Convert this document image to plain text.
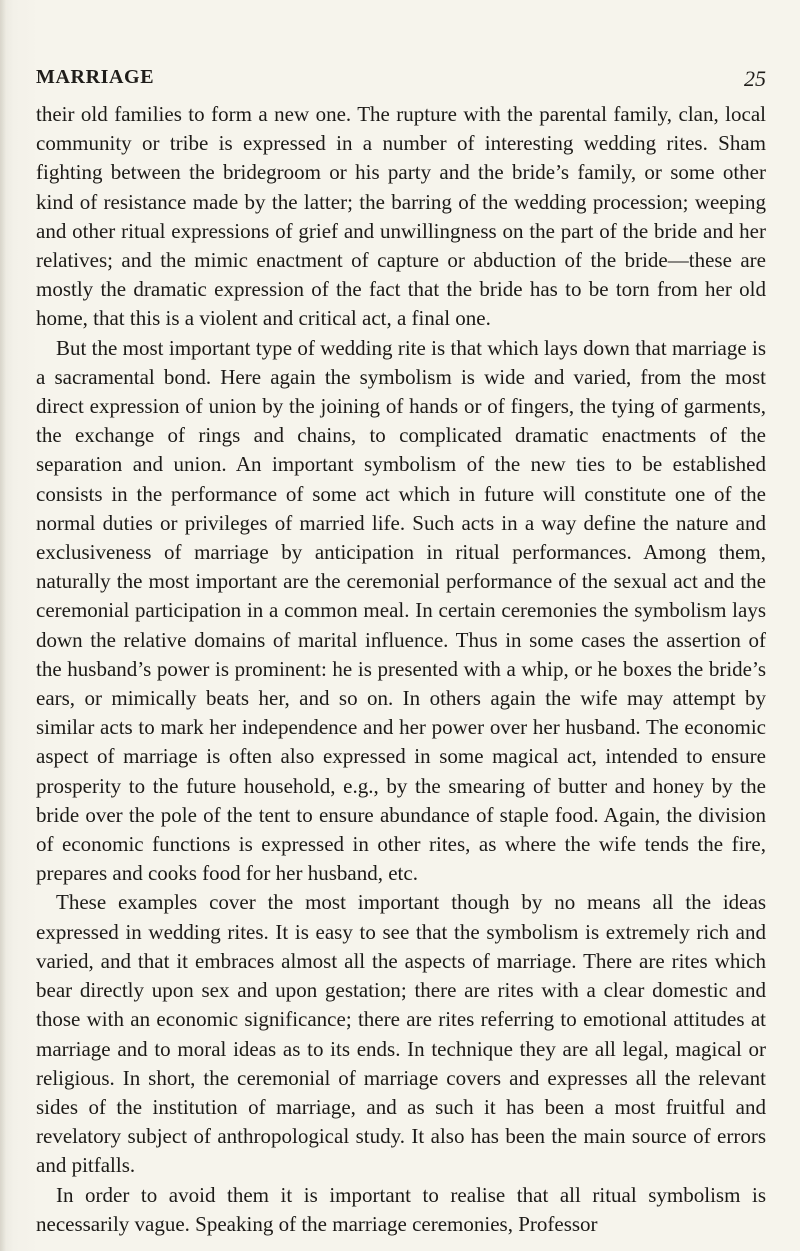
MARRIAGE	25

their old families to form a new one. The rupture with the parental family, clan, local community or tribe is expressed in a number of interesting wedding rites. Sham fighting between the bridegroom or his party and the bride’s family, or some other kind of resistance made by the latter; the barring of the wedding procession; weeping and other ritual expressions of grief and unwillingness on the part of the bride and her relatives; and the mimic enactment of capture or abduction of the bride—these are mostly the dramatic expression of the fact that the bride has to be torn from her old home, that this is a violent and critical act, a final one.

But the most important type of wedding rite is that which lays down that marriage is a sacramental bond. Here again the symbolism is wide and varied, from the most direct expression of union by the joining of hands or of fingers, the tying of garments, the exchange of rings and chains, to complicated dramatic enactments of the separation and union. An important symbolism of the new ties to be established consists in the performance of some act which in future will constitute one of the normal duties or privileges of married life. Such acts in a way define the nature and exclusiveness of marriage by anticipation in ritual performances. Among them, naturally the most important are the ceremonial performance of the sexual act and the ceremonial participation in a common meal. In certain ceremonies the symbolism lays down the relative domains of marital influence. Thus in some cases the assertion of the husband’s power is prominent: he is presented with a whip, or he boxes the bride’s ears, or mimically beats her, and so on. In others again the wife may attempt by similar acts to mark her independence and her power over her husband. The economic aspect of marriage is often also expressed in some magical act, intended to ensure prosperity to the future household, e.g., by the smearing of butter and honey by the bride over the pole of the tent to ensure abundance of staple food. Again, the division of economic functions is expressed in other rites, as where the wife tends the fire, prepares and cooks food for her husband, etc.

These examples cover the most important though by no means all the ideas expressed in wedding rites. It is easy to see that the symbolism is extremely rich and varied, and that it embraces almost all the aspects of marriage. There are rites which bear directly upon sex and upon gestation; there are rites with a clear domestic and those with an economic significance; there are rites referring to emotional attitudes at marriage and to moral ideas as to its ends. In technique they are all legal, magical or religious. In short, the ceremonial of marriage covers and expresses all the relevant sides of the institution of marriage, and as such it has been a most fruitful and revelatory subject of anthropological study. It also has been the main source of errors and pitfalls.

In order to avoid them it is important to realise that all ritual symbolism is necessarily vague. Speaking of the marriage ceremonies, Professor
